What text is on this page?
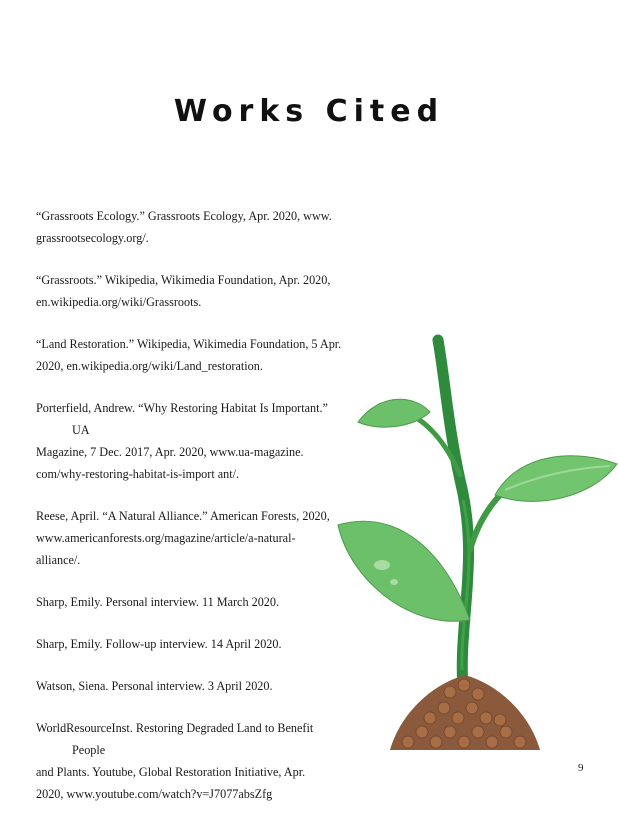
Works Cited
“Grassroots Ecology.” Grassroots Ecology, Apr. 2020, www.
grassrootsecology.org/.
“Grassroots.” Wikipedia, Wikimedia Foundation, Apr. 2020,
en.wikipedia.org/wiki/Grassroots.
“Land Restoration.” Wikipedia, Wikimedia Foundation, 5 Apr.
2020, en.wikipedia.org/wiki/Land_restoration.
Porterfield, Andrew. “Why Restoring Habitat Is Important.” UA
Magazine, 7 Dec. 2017, Apr. 2020, www.ua-magazine.
com/why-restoring-habitat-is-import ant/.
Reese, April. “A Natural Alliance.” American Forests, 2020,
www.americanforests.org/magazine/article/a-natural-
alliance/.
Sharp, Emily. Personal interview. 11 March 2020.
Sharp, Emily. Follow-up interview. 14 April 2020.
Watson, Siena. Personal interview. 3 April 2020.
WorldResourceInst. Restoring Degraded Land to Benefit People
and Plants. Youtube, Global Restoration Initiative, Apr.
2020, www.youtube.com/watch?v=J7077absZfg
9
